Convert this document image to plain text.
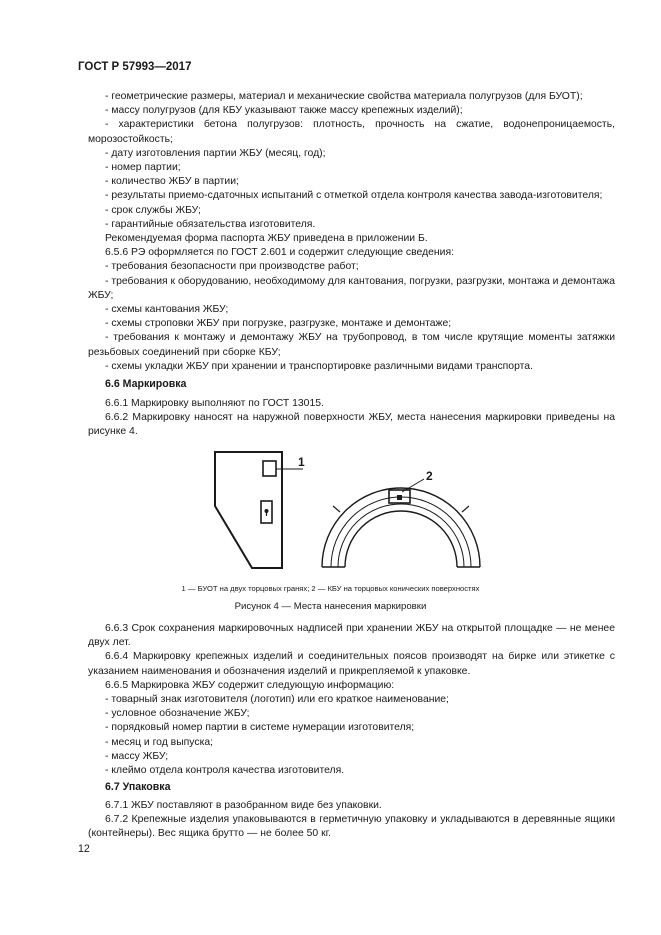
ГОСТ Р 57993—2017

- геометрические размеры, материал и механические свойства материала полугрузов (для БУОТ);

- массу полугрузов (для КБУ указывают также массу крепежных изделий);

- характеристики бетона полугрузов: плотность, прочность на сжатие, водонепроницаемость, морозостойкость;

- дату изготовления партии ЖБУ (месяц, год);

- номер партии;

- количество ЖБУ в партии;

- результаты приемо-сдаточных испытаний с отметкой отдела контроля качества завода-изготовителя;

- срок службы ЖБУ;

- гарантийные обязательства изготовителя.

Рекомендуемая форма паспорта ЖБУ приведена в приложении Б.

6.5.6 РЭ оформляется по ГОСТ 2.601 и содержит следующие сведения:

- требования безопасности при производстве работ;

- требования к оборудованию, необходимому для кантования, погрузки, разгрузки, монтажа и демонтажа ЖБУ;

- схемы кантования ЖБУ;

- схемы строповки ЖБУ при погрузке, разгрузке, монтаже и демонтаже;

- требования к монтажу и демонтажу ЖБУ на трубопровод, в том числе крутящие моменты затяжки резьбовых соединений при сборке КБУ;

- схемы укладки ЖБУ при хранении и транспортировке различными видами транспорта.

6.6 Маркировка

6.6.1 Маркировку выполняют по ГОСТ 13015.

6.6.2 Маркировку наносят на наружной поверхности ЖБУ, места нанесения маркировки приведены на рисунке 4.

1
2
1 — БУОТ на двух торцовых гранях; 2 — КБУ на торцовых конических поверхностях
Рисунок 4 — Места нанесения маркировки

6.6.3 Срок сохранения маркировочных надписей при хранении ЖБУ на открытой площадке — не менее двух лет.

6.6.4 Маркировку крепежных изделий и соединительных поясов производят на бирке или этикетке с указанием наименования и обозначения изделий и прикрепляемой к упаковке.

6.6.5 Маркировка ЖБУ содержит следующую информацию:

- товарный знак изготовителя (логотип) или его краткое наименование;

- условное обозначение ЖБУ;

- порядковый номер партии в системе нумерации изготовителя;

- месяц и год выпуска;

- массу ЖБУ;

- клеймо отдела контроля качества изготовителя.

6.7 Упаковка

6.7.1 ЖБУ поставляют в разобранном виде без упаковки.

6.7.2 Крепежные изделия упаковываются в герметичную упаковку и укладываются в деревянные ящики (контейнеры). Вес ящика брутто — не более 50 кг.

12
